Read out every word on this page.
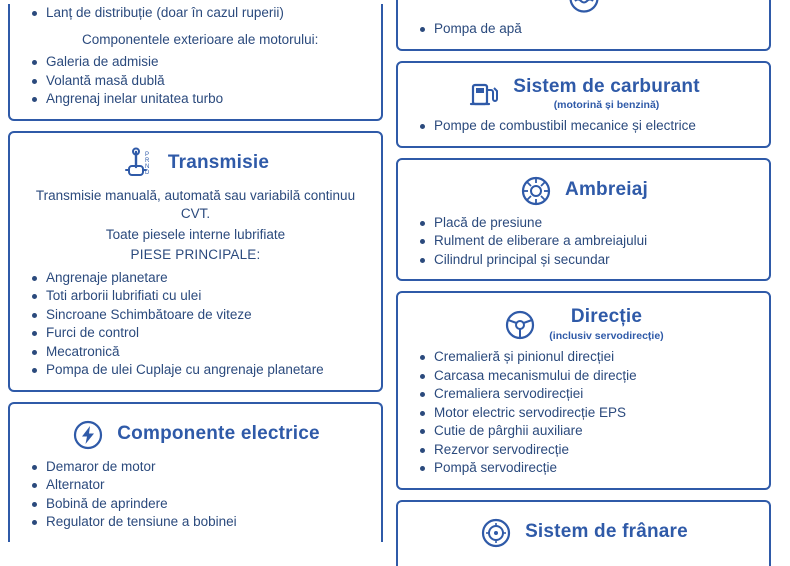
Lanț de distribuție (doar în cazul ruperii)
Componentele exterioare ale motorului:
Galeria de admisie
Volantă masă dublă
Angrenaj inelar unitatea turbo
P
R
N
D Transmisie
Transmisie manuală, automată sau variabilă continuu CVT.
Toate piesele interne lubrifiate
PIESE PRINCIPALE:
Angrenaje planetare
Toti arborii lubrifiati cu ulei
Sincroane Schimbătoare de viteze
Furci de control
Mecatronică
Pompa de ulei Cuplaje cu angrenaje planetare
Componente electrice
Demaror de motor
Alternator
Bobină de aprindere
Regulator de tensiune a bobinei
Pompa de apă
Sistem de carburant
(motorină și benzină)
Pompe de combustibil mecanice și electrice
Ambreiaj
Placă de presiune
Rulment de eliberare a ambreiajului
Cilindrul principal și secundar
Direcție
(inclusiv servodirecție)
Cremalieră și pinionul direcției
Carcasa mecanismului de direcție
Cremaliera servodirecției
Motor electric servodirecție EPS
Cutie de pârghii auxiliare
Rezervor servodirecție
Pompă servodirecție
Sistem de frânare
